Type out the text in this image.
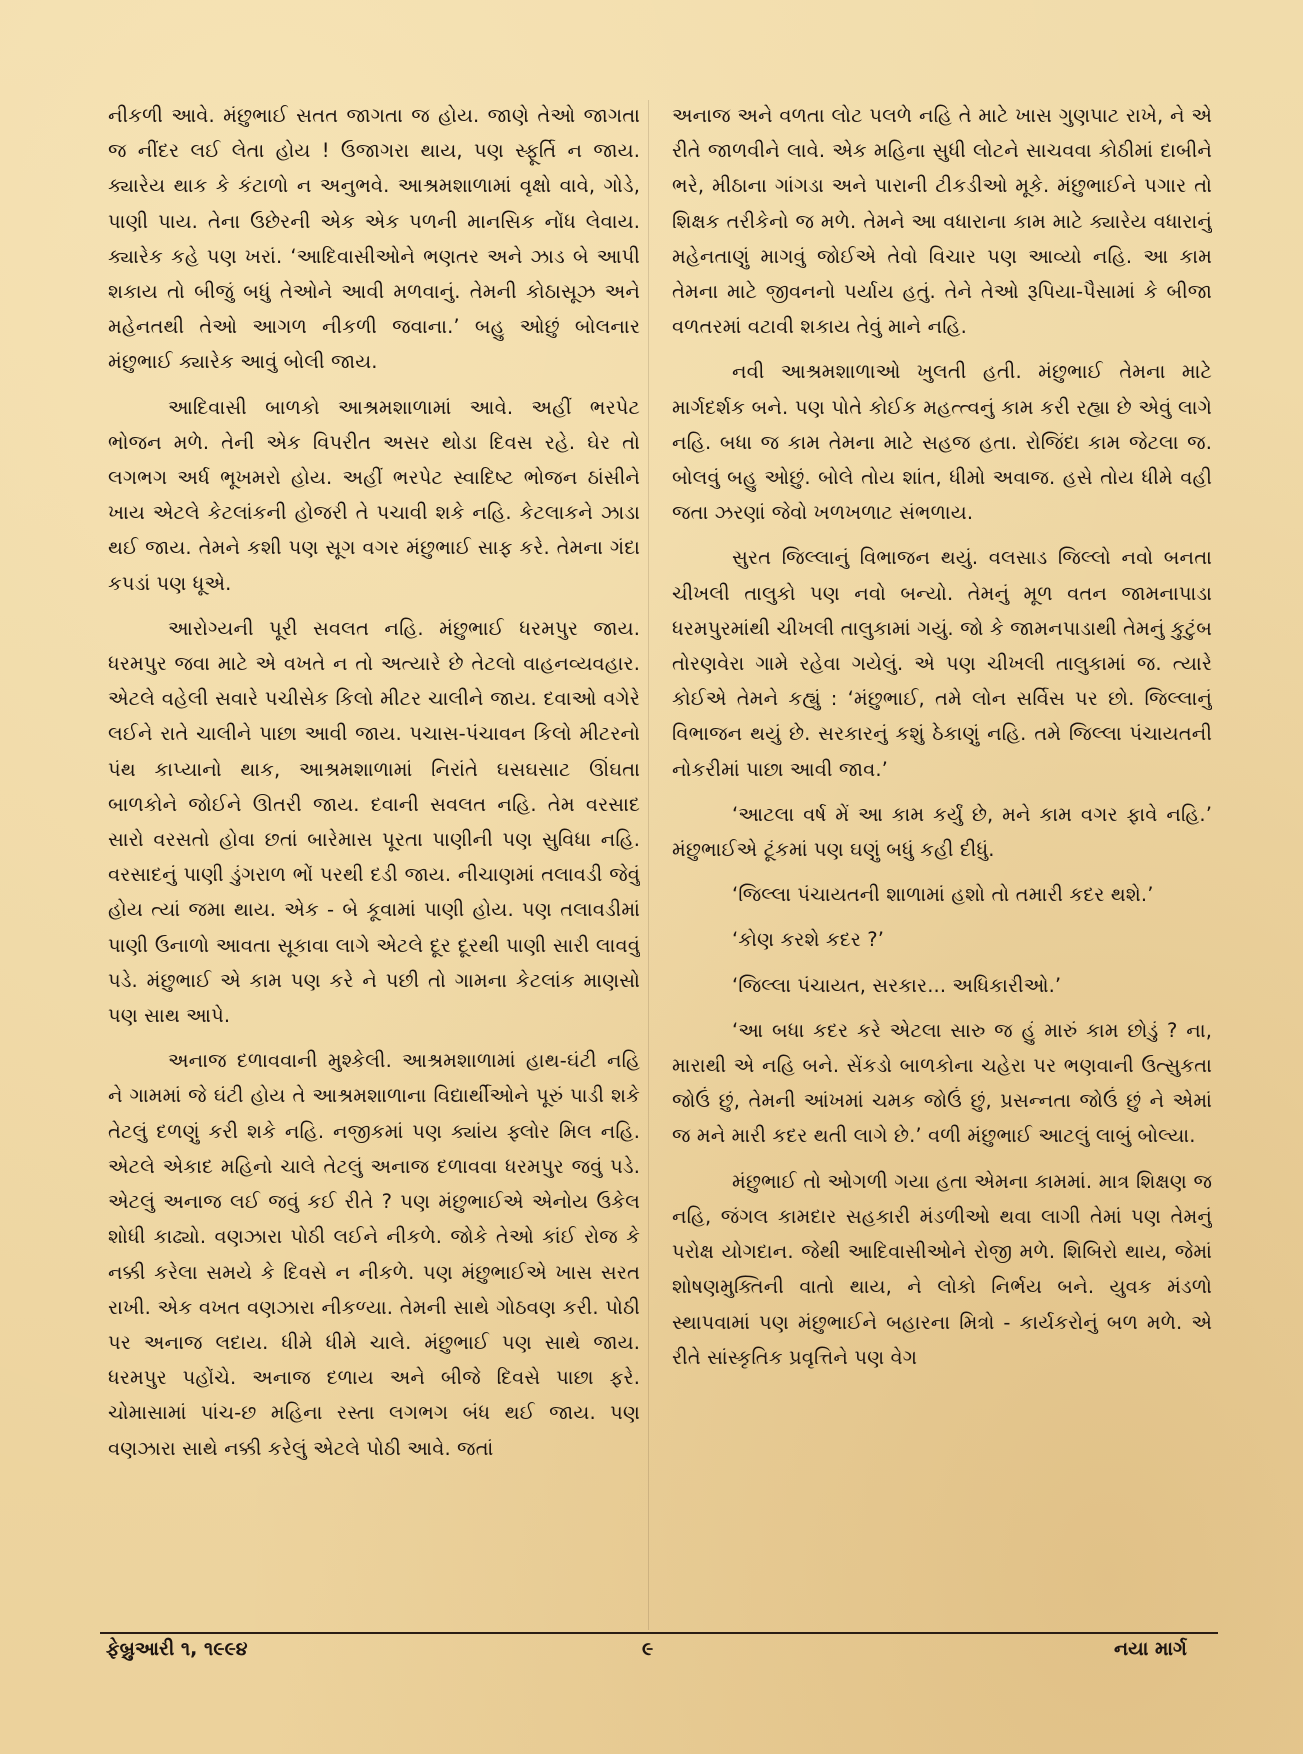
નીકળી આવે. મંછુભાઈ સતત જાગતા જ હોય. જાણે તેઓ જાગતા જ નીંદર લઈ લેતા હોય ! ઉજાગરા થાય, પણ સ્ફૂર્તિ ન જાય. ક્યારેય થાક કે કંટાળો ન અનુભવે. આશ્રમશાળામાં વૃક્ષો વાવે, ગોડે, પાણી પાય. તેના ઉછેરની એક એક પળની માનસિક નોંધ લેવાય. ક્યારેક કહે પણ ખરાં. ‘આદિવાસીઓને ભણતર અને ઝાડ બે આપી શકાય તો બીજું બધું તેઓને આવી મળવાનું. તેમની કોઠાસૂઝ અને મહેનતથી તેઓ આગળ નીકળી જવાના.’ બહુ ઓછું બોલનાર મંછુભાઈ ક્યારેક આવું બોલી જાય.

આદિવાસી બાળકો આશ્રમશાળામાં આવે. અહીં ભરપેટ ભોજન મળે. તેની એક વિપરીત અસર થોડા દિવસ રહે. ઘેર તો લગભગ અર્ધ ભૂખમરો હોય. અહીં ભરપેટ સ્વાદિષ્ટ ભોજન ઠાંસીને ખાય એટલે કેટલાંકની હોજરી તે પચાવી શકે નહિ. કેટલાકને ઝાડા થઈ જાય. તેમને કશી પણ સૂગ વગર મંછુભાઈ સાફ કરે. તેમના ગંદા કપડાં પણ ધૂએ.

આરોગ્યની પૂરી સવલત નહિ. મંછુભાઈ ધરમપુર જાય. ધરમપુર જવા માટે એ વખતે ન તો અત્યારે છે તેટલો વાહનવ્યવહાર. એટલે વહેલી સવારે પચીસેક કિલો મીટર ચાલીને જાય. દવાઓ વગેરે લઈને રાતે ચાલીને પાછા આવી જાય. પચાસ-પંચાવન કિલો મીટરનો પંથ કાપ્યાનો થાક, આશ્રમશાળામાં નિરાંતે ઘસઘસાટ ઊંઘતા બાળકોને જોઈને ઊતરી જાય. દવાની સવલત નહિ. તેમ વરસાદ સારો વરસતો હોવા છતાં બારેમાસ પૂરતા પાણીની પણ સુવિધા નહિ. વરસાદનું પાણી ડુંગરાળ ભોં પરથી દડી જાય. નીચાણમાં તલાવડી જેવું હોય ત્યાં જમા થાય. એક - બે કૂવામાં પાણી હોય. પણ તલાવડીમાં પાણી ઉનાળો આવતા સૂકાવા લાગે એટલે દૂર દૂરથી પાણી સારી લાવવું પડે. મંછુભાઈ એ કામ પણ કરે ને પછી તો ગામના કેટલાંક માણસો પણ સાથ આપે.

અનાજ દળાવવાની મુશ્કેલી. આશ્રમશાળામાં હાથ-ઘંટી નહિ ને ગામમાં જે ઘંટી હોય તે આશ્રમશાળાના વિદ્યાર્થીઓને પૂરું પાડી શકે તેટલું દળણું કરી શકે નહિ. નજીકમાં પણ ક્યાંય ફ્લોર મિલ નહિ. એટલે એકાદ મહિનો ચાલે તેટલું અનાજ દળાવવા ધરમપુર જવું પડે. એટલું અનાજ લઈ જવું કઈ રીતે ? પણ મંછુભાઈએ એનોય ઉકેલ શોધી કાઢ્યો. વણઝારા પોઠી લઈને નીકળે. જોકે તેઓ કાંઈ રોજ કે નક્કી કરેલા સમયે કે દિવસે ન નીકળે. પણ મંછુભાઈએ ખાસ સરત રાખી. એક વખત વણઝારા નીકળ્યા. તેમની સાથે ગોઠવણ કરી. પોઠી પર અનાજ લદાય. ધીમે ધીમે ચાલે. મંછુભાઈ પણ સાથે જાય. ધરમપુર પહોંચે. અનાજ દળાય અને બીજે દિવસે પાછા ફરે. ચોમાસામાં પાંચ-છ મહિના રસ્તા લગભગ બંધ થઈ જાય. પણ વણઝારા સાથે નક્કી કરેલું એટલે પોઠી આવે. જતાં

અનાજ અને વળતા લોટ પલળે નહિ તે માટે ખાસ ગુણપાટ રાખે, ને એ રીતે જાળવીને લાવે. એક મહિના સુધી લોટને સાચવવા કોઠીમાં દાબીને ભરે, મીઠાના ગાંગડા અને પારાની ટીકડીઓ મૂકે. મંછુભાઈને પગાર તો શિક્ષક તરીકેનો જ મળે. તેમને આ વધારાના કામ માટે ક્યારેય વધારાનું મહેનતાણું માગવું જોઈએ તેવો વિચાર પણ આવ્યો નહિ. આ કામ તેમના માટે જીવનનો પર્યાય હતું. તેને તેઓ રૂપિયા-પૈસામાં કે બીજા વળતરમાં વટાવી શકાય તેવું માને નહિ.

નવી આશ્રમશાળાઓ ખુલતી હતી. મંછુભાઈ તેમના માટે માર્ગદર્શક બને. પણ પોતે કોઈક મહત્ત્વનું કામ કરી રહ્યા છે એવું લાગે નહિ. બધા જ કામ તેમના માટે સહજ હતા. રોજિંદા કામ જેટલા જ. બોલવું બહુ ઓછું. બોલે તોય શાંત, ધીમો અવાજ. હસે તોય ધીમે વહી જતા ઝરણાં જેવો ખળખળાટ સંભળાય.

સુરત જિલ્લાનું વિભાજન થયું. વલસાડ જિલ્લો નવો બનતા ચીખલી તાલુકો પણ નવો બન્યો. તેમનું મૂળ વતન જામનાપાડા ધરમપુરમાંથી ચીખલી તાલુકામાં ગયું. જો કે જામનપાડાથી તેમનું કુટુંબ તોરણવેરા ગામે રહેવા ગયેલું. એ પણ ચીખલી તાલુકામાં જ. ત્યારે કોઈએ તેમને કહ્યું : ‘મંછુભાઈ, તમે લોન સર્વિસ પર છો. જિલ્લાનું વિભાજન થયું છે. સરકારનું કશું ઠેકાણું નહિ. તમે જિલ્લા પંચાયતની નોકરીમાં પાછા આવી જાવ.’

‘આટલા વર્ષ મેં આ કામ કર્યું છે, મને કામ વગર ફાવે નહિ.’ મંછુભાઈએ ટૂંકમાં પણ ઘણું બધું કહી દીધું.

‘જિલ્લા પંચાયતની શાળામાં હશો તો તમારી કદર થશે.’

‘કોણ કરશે કદર ?’

‘જિલ્લા પંચાયત, સરકાર... અધિકારીઓ.’

‘આ બધા કદર કરે એટલા સારુ જ હું મારું કામ છોડું ? ના, મારાથી એ નહિ બને. સેંકડો બાળકોના ચહેરા પર ભણવાની ઉત્સુકતા જોઉં છું, તેમની આંખમાં ચમક જોઉં છું, પ્રસન્નતા જોઉં છું ને એમાં જ મને મારી કદર થતી લાગે છે.’ વળી મંછુભાઈ આટલું લાબું બોલ્યા.

મંછુભાઈ તો ઓગળી ગયા હતા એમના કામમાં. માત્ર શિક્ષણ જ નહિ, જંગલ કામદાર સહકારી મંડળીઓ થવા લાગી તેમાં પણ તેમનું પરોક્ષ યોગદાન. જેથી આદિવાસીઓને રોજી મળે. શિબિરો થાય, જેમાં શોષણમુક્તિની વાતો થાય, ને લોકો નિર્ભય બને. યુવક મંડળો સ્થાપવામાં પણ મંછુભાઈને બહારના મિત્રો - કાર્યકરોનું બળ મળે. એ રીતે સાંસ્કૃતિક પ્રવૃત્તિને પણ વેગ

ફેબ્રુઆરી ૧, ૧૯૯૪	૯	નયા માર્ગ
